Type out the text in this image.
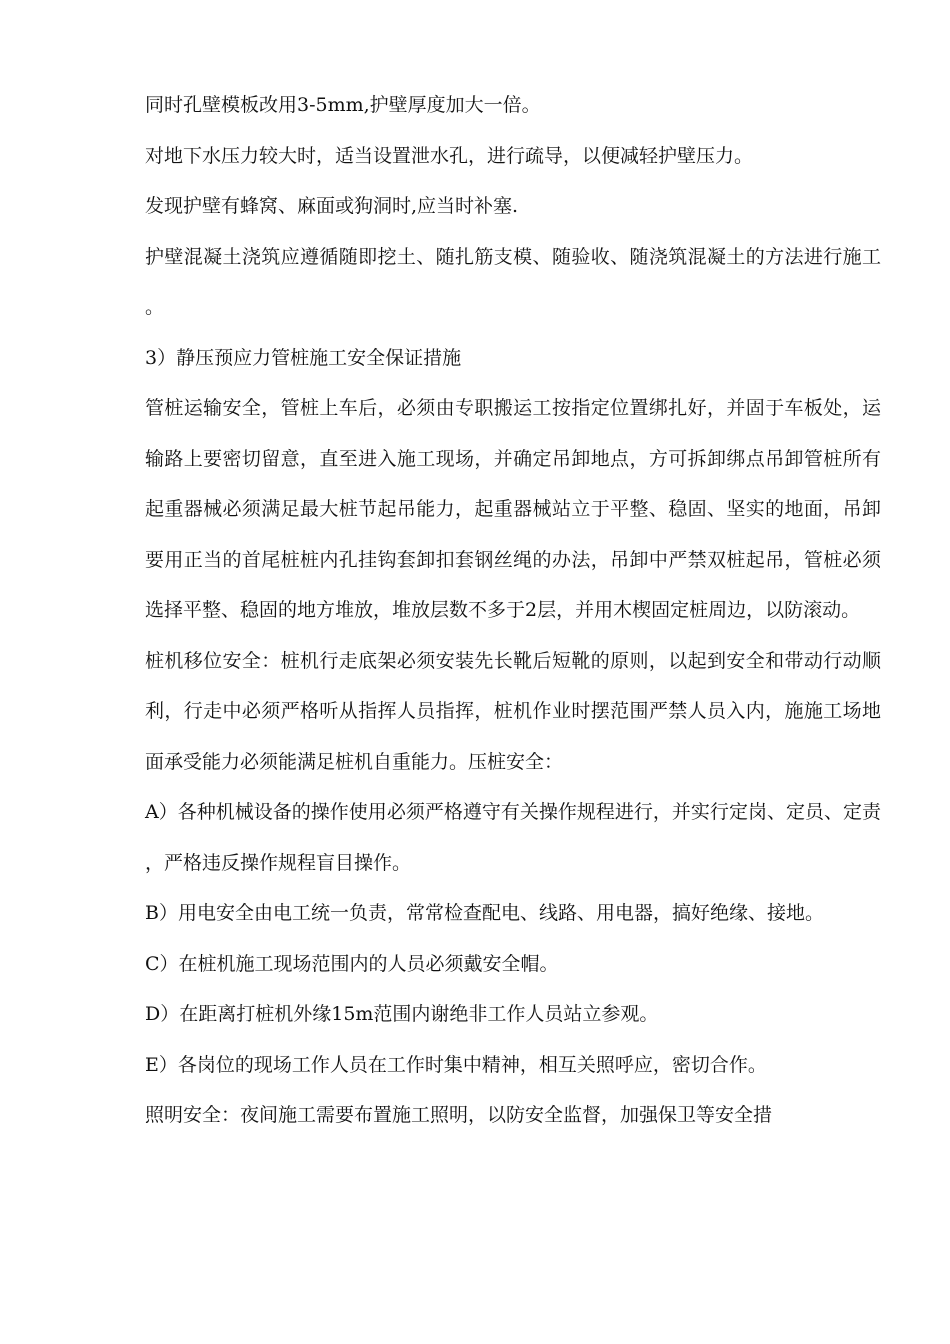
同时孔壁模板改用3-5mm,护壁厚度加大一倍。

对地下水压力较大时，适当设置泄水孔，进行疏导，以便减轻护壁压力。

发现护壁有蜂窝、麻面或狗洞时,应当时补塞.

护壁混凝土浇筑应遵循随即挖土、随扎筋支模、随验收、随浇筑混凝土的方法进行施工。

3）静压预应力管桩施工安全保证措施

管桩运输安全，管桩上车后，必须由专职搬运工按指定位置绑扎好，并固于车板处，运输路上要密切留意，直至进入施工现场，并确定吊卸地点，方可拆卸绑点吊卸管桩所有起重器械必须满足最大桩节起吊能力，起重器械站立于平整、稳固、坚实的地面，吊卸要用正当的首尾桩桩内孔挂钩套卸扣套钢丝绳的办法，吊卸中严禁双桩起吊，管桩必须选择平整、稳固的地方堆放，堆放层数不多于2层，并用木楔固定桩周边，以防滚动。

桩机移位安全：桩机行走底架必须安装先长靴后短靴的原则，以起到安全和带动行动顺利，行走中必须严格听从指挥人员指挥，桩机作业时摆范围严禁人员入内，施施工场地面承受能力必须能满足桩机自重能力。压桩安全：

A）各种机械设备的操作使用必须严格遵守有关操作规程进行，并实行定岗、定员、定责，严格违反操作规程盲目操作。

B）用电安全由电工统一负责，常常检查配电、线路、用电器，搞好绝缘、接地。

C）在桩机施工现场范围内的人员必须戴安全帽。

D）在距离打桩机外缘15m范围内谢绝非工作人员站立参观。

E）各岗位的现场工作人员在工作时集中精神，相互关照呼应，密切合作。

照明安全：夜间施工需要布置施工照明，以防安全监督，加强保卫等安全措
